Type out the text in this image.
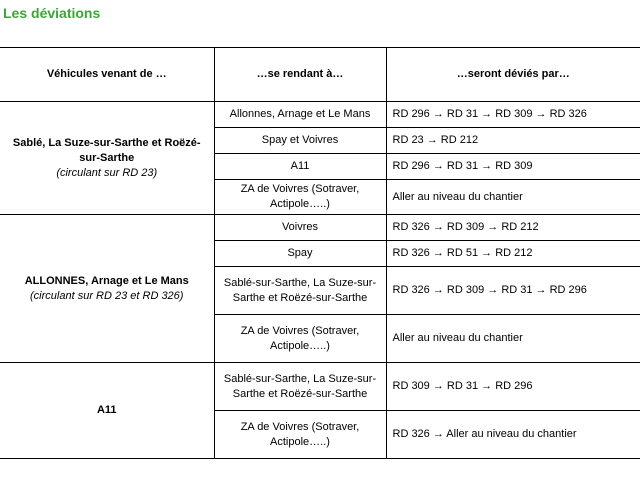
Les déviations
Véhicules venant de …	…se rendant à…	…seront déviés par…

Sablé, La Suze-sur-Sarthe et Roëzé-sur-Sarthe
(circulant sur RD 23)	Allonnes, Arnage et Le Mans	RD 296 → RD 31 → RD 309 → RD 326
	Spay et Voivres	RD 23 → RD 212
	A11	RD 296 → RD 31 → RD 309
	ZA de Voivres (Sotraver, Actipole…..)	Aller au niveau du chantier

ALLONNES, Arnage et Le Mans
(circulant sur RD 23 et RD 326)	Voivres	RD 326 → RD 309 → RD 212
	Spay	RD 326 → RD 51 → RD 212
	Sablé-sur-Sarthe, La Suze-sur-Sarthe et Roëzé-sur-Sarthe	RD 326 → RD 309 → RD 31 → RD 296
	ZA de Voivres (Sotraver, Actipole…..)	Aller au niveau du chantier

A11	Sablé-sur-Sarthe, La Suze-sur-Sarthe et Roëzé-sur-Sarthe	RD 309 → RD 31 → RD 296
	ZA de Voivres (Sotraver, Actipole…..)	RD 326 → Aller au niveau du chantier
